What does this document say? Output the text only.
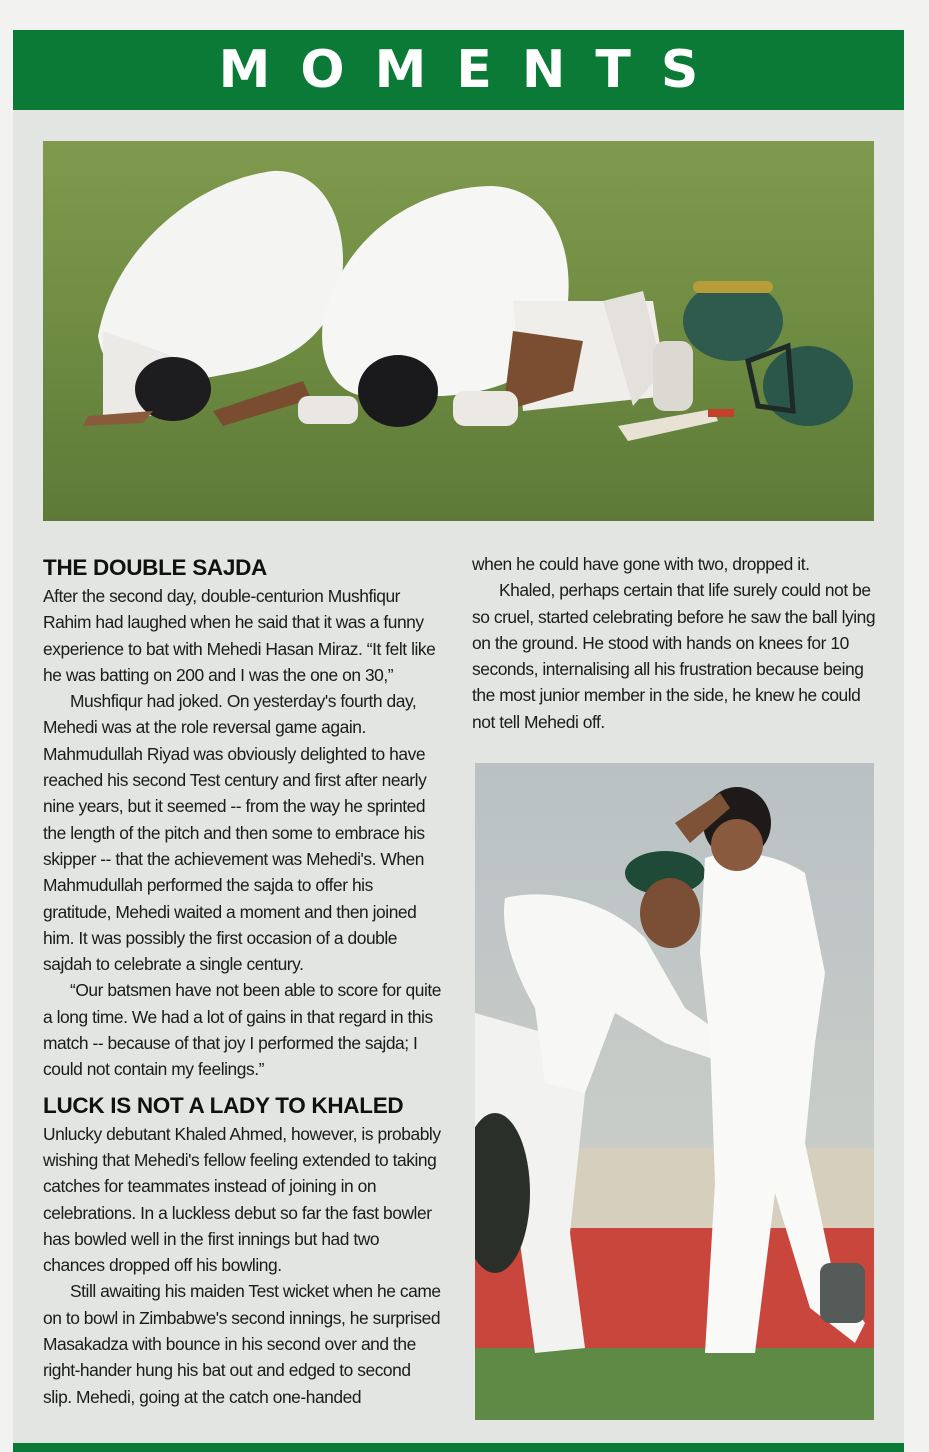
MOMENTS
THE DOUBLE SAJDA

After the second day, double-centurion Mushfiqur Rahim had laughed when he said that it was a funny experience to bat with Mehedi Hasan Miraz. “It felt like he was batting on 200 and I was the one on 30,”

Mushfiqur had joked. On yesterday's fourth day, Mehedi was at the role reversal game again. Mahmudullah Riyad was obviously delighted to have reached his second Test century and first after nearly nine years, but it seemed -- from the way he sprinted the length of the pitch and then some to embrace his skipper -- that the achievement was Mehedi's. When Mahmudullah performed the sajda to offer his gratitude, Mehedi waited a moment and then joined him. It was possibly the first occasion of a double sajdah to celebrate a single century.

“Our batsmen have not been able to score for quite a long time. We had a lot of gains in that regard in this match -- because of that joy I performed the sajda; I could not contain my feelings.”

LUCK IS NOT A LADY TO KHALED

Unlucky debutant Khaled Ahmed, however, is probably wishing that Mehedi's fellow feeling extended to taking catches for teammates instead of joining in on celebrations. In a luckless debut so far the fast bowler has bowled well in the first innings but had two chances dropped off his bowling.

Still awaiting his maiden Test wicket when he came on to bowl in Zimbabwe's second innings, he surprised Masakadza with bounce in his second over and the right-hander hung his bat out and edged to second slip. Mehedi, going at the catch one-handed

when he could have gone with two, dropped it.

Khaled, perhaps certain that life surely could not be so cruel, started celebrating before he saw the ball lying on the ground. He stood with hands on knees for 10 seconds, internalising all his frustration because being the most junior member in the side, he knew he could not tell Mehedi off.
